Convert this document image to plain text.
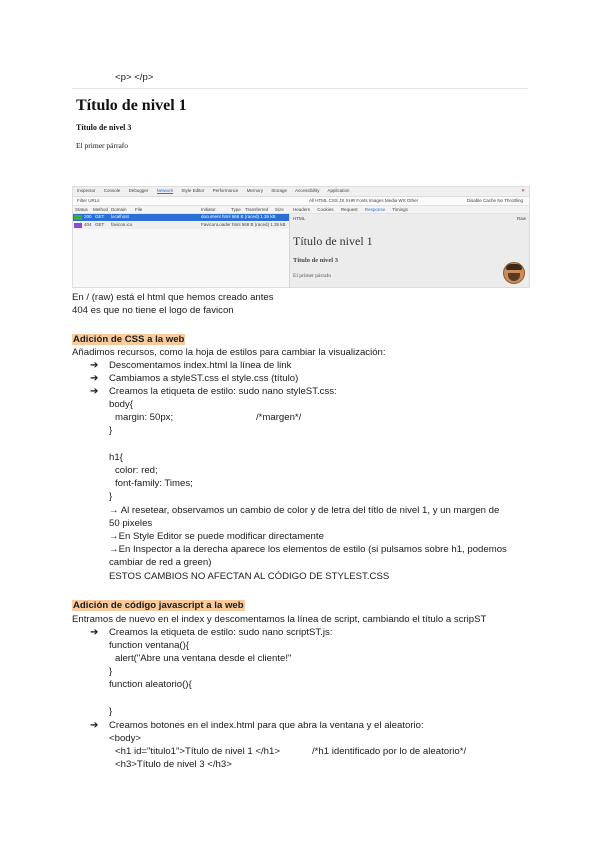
<p> </p>
Título de nivel 1
Título de nivel 3
El primer párrafo
Inspector Console Debugger Network Style Editor Performance Memory Storage Accessibility Application	✕
Filter URLs	All HTML CSS JS XHR Fonts Images Media WS Other	Disable Cache No Throttling
Status Method Domain File	Initiator	Type Transferred Size Headers Cookies Request Response Timings
200 GET localhost	document html 568 B (raced) 1.35 kB
404 GET favicon.ico	FaviconLoader html 568 B (raced) 1.35 kB
HTML	Raw
Título de nivel 1
Título de nivel 3
El primer párrafo
En / (raw) está el html que hemos creado antes
404 es que no tiene el logo de favicon
Adición de CSS a la web
Añadimos recursos, como la hoja de estilos para cambiar la visualización:
➔ Descomentamos index.html la línea de link
➔ Cambiamos a styleST.css el style.css (título)
➔ Creamos la etiqueta de estilo: sudo nano styleST.css:
body{
margin: 50px;	/*margen*/
}
h1{
color: red;
font-family: Times;
}
→ Al resetear, observamos un cambio de color y de letra del títlo de nivel 1, y un margen de
50 pixeles
→En Style Editor se puede modificar directamente
→En Inspector a la derecha aparece los elementos de estilo (si pulsamos sobre h1, podemos
cambiar de red a green)
ESTOS CAMBIOS NO AFECTAN AL CÓDIGO DE STYLEST.CSS
Adición de código javascript a la web
Entramos de nuevo en el index y descomentamos la línea de script, cambiando el título a scripST
➔ Creamos la etiqueta de estilo: sudo nano scriptST.js:
function ventana(){
alert("Abre una ventana desde el cliente!"
}
function aleatorio(){
}
➔ Creamos botones en el index.html para que abra la ventana y el aleatorio:
<body>
<h1 id="titulo1">Título de nivel 1 </h1>	/*h1 identificado por lo de aleatorio*/
<h3>Título de nivel 3 </h3>
